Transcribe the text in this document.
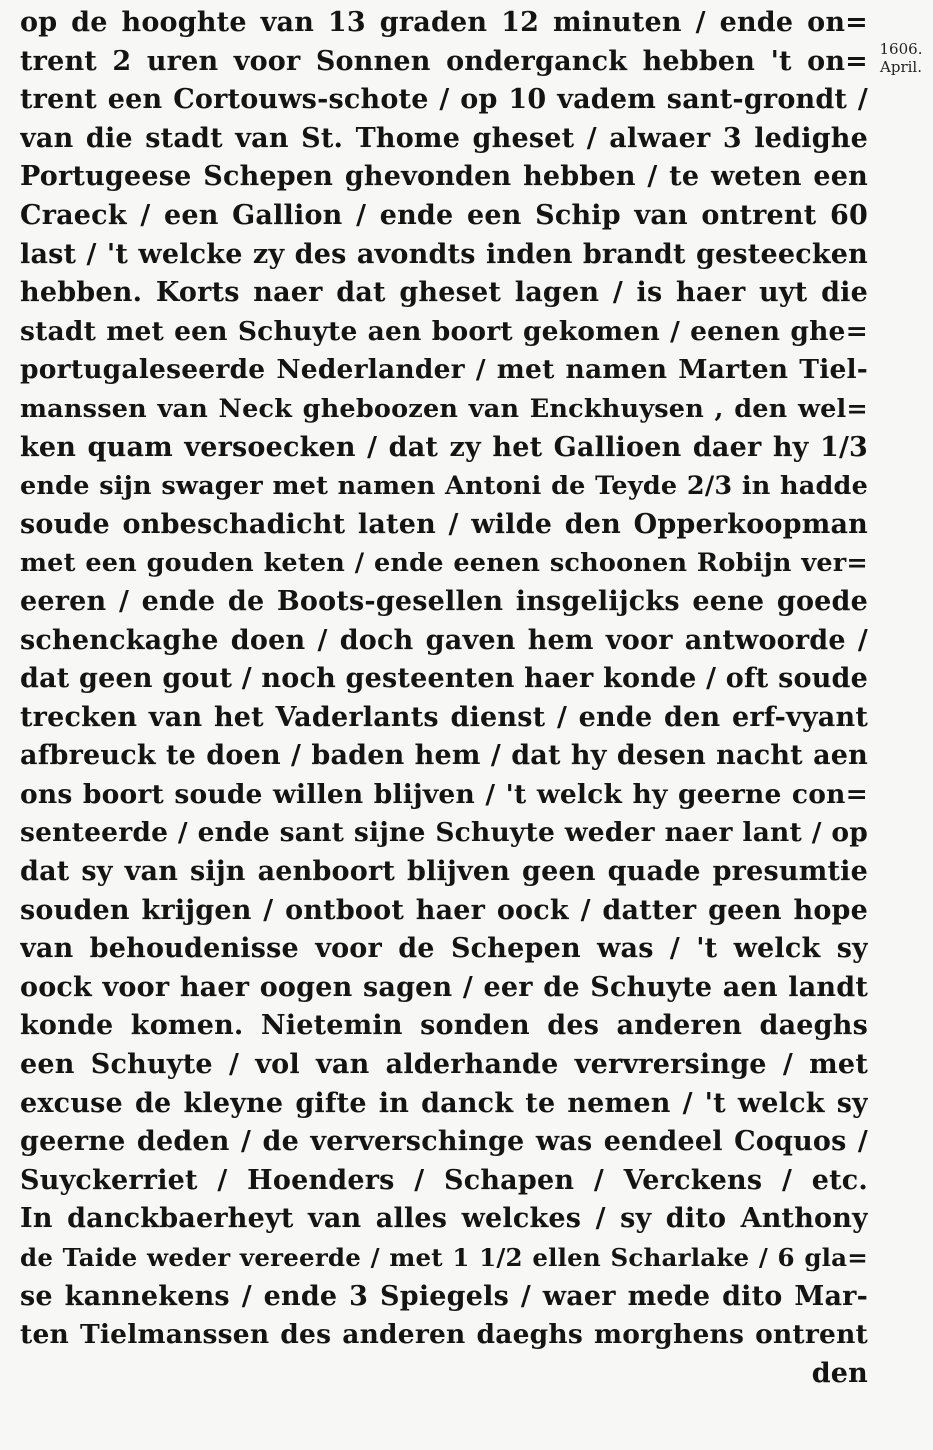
1606.
April.
op de hooghte van 13 graden 12 minuten / ende on=
trent 2 uren voor Sonnen onderganck hebben 't on=
trent een Cortouws-schote / op 10 vadem sant-grondt /
van die stadt van St. Thome gheset / alwaer 3 ledighe
Portugeese Schepen ghevonden hebben / te weten een
Craeck / een Gallion / ende een Schip van ontrent 60
last / 't welcke zy des avondts inden brandt gesteecken
hebben. Korts naer dat gheset lagen / is haer uyt die
stadt met een Schuyte aen boort gekomen / eenen ghe=
portugaleseerde Nederlander / met namen Marten Tiel-
manssen van Neck gheboozen van Enckhuysen , den wel=
ken quam versoecken / dat zy het Gallioen daer hy 1/3
ende sijn swager met namen Antoni de Teyde 2/3 in hadde
soude onbeschadicht laten / wilde den Opperkoopman
met een gouden keten / ende eenen schoonen Robijn ver=
eeren / ende de Boots-gesellen insgelijcks eene goede
schenckaghe doen / doch gaven hem voor antwoorde /
dat geen gout / noch gesteenten haer konde / oft soude
trecken van het Vaderlants dienst / ende den erf-vyant
afbreuck te doen / baden hem / dat hy desen nacht aen
ons boort soude willen blijven / 't welck hy geerne con=
senteerde / ende sant sijne Schuyte weder naer lant / op
dat sy van sijn aenboort blijven geen quade presumtie
souden krijgen / ontboot haer oock / datter geen hope
van behoudenisse voor de Schepen was / 't welck sy
oock voor haer oogen sagen / eer de Schuyte aen landt
konde komen. Nietemin sonden des anderen daeghs
een Schuyte / vol van alderhande vervrersinge / met
excuse de kleyne gifte in danck te nemen / 't welck sy
geerne deden / de ververschinge was eendeel Coquos /
Suyckerriet / Hoenders / Schapen / Verckens / etc.
In danckbaerheyt van alles welckes / sy dito Anthony
de Taide weder vereerde / met 1 1/2 ellen Scharlake / 6 gla=
se kannekens / ende 3 Spiegels / waer mede dito Mar-
ten Tielmanssen des anderen daeghs morghens ontrent
den
